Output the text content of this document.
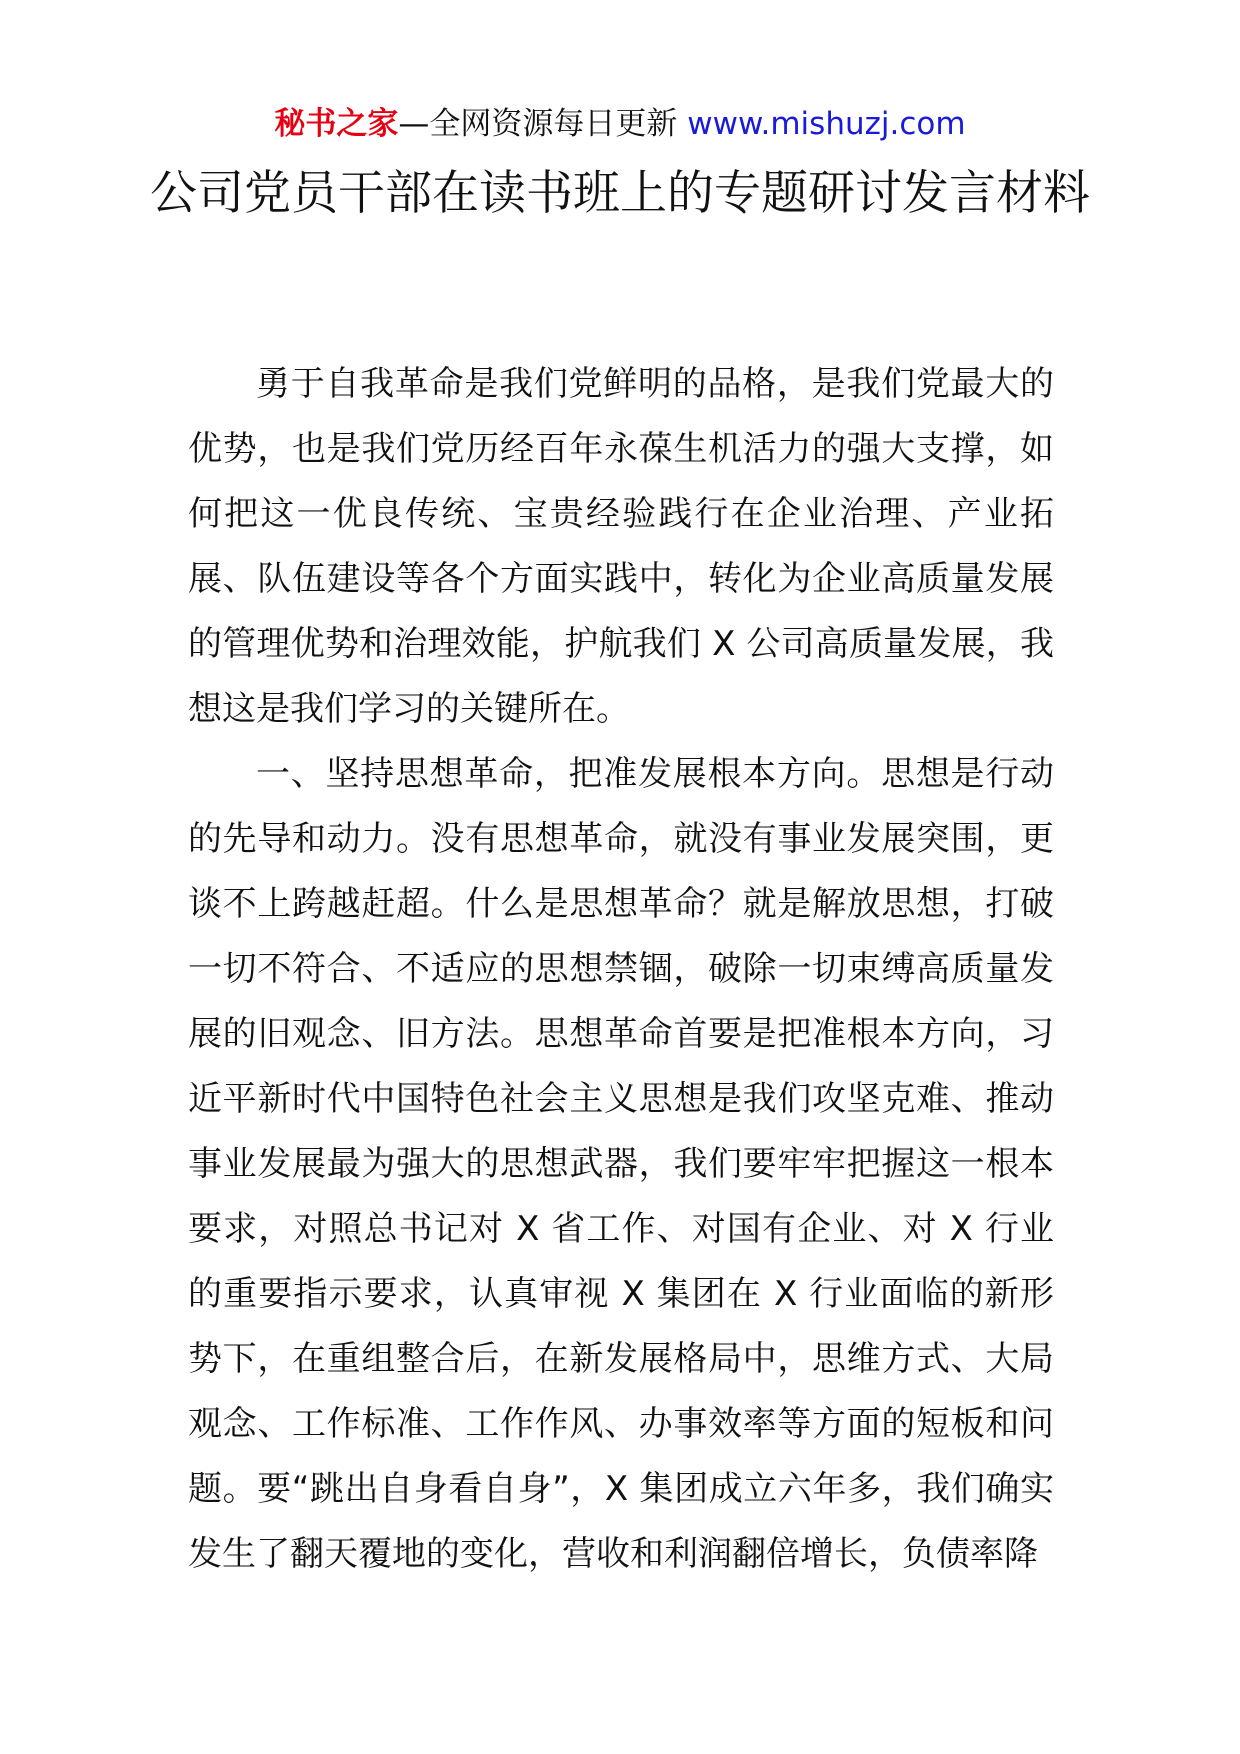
秘书之家—全网资源每日更新 www.mishuzj.com
公司党员干部在读书班上的专题研讨发言材料

勇于自我革命是我们党鲜明的品格，是我们党最大的优势，也是我们党历经百年永葆生机活力的强大支撑，如何把这一优良传统、宝贵经验践行在企业治理、产业拓展、队伍建设等各个方面实践中，转化为企业高质量发展的管理优势和治理效能，护航我们 X 公司高质量发展，我想这是我们学习的关键所在。

一、坚持思想革命，把准发展根本方向。思想是行动的先导和动力。没有思想革命，就没有事业发展突围，更谈不上跨越赶超。什么是思想革命？就是解放思想，打破一切不符合、不适应的思想禁锢，破除一切束缚高质量发展的旧观念、旧方法。思想革命首要是把准根本方向，习近平新时代中国特色社会主义思想是我们攻坚克难、推动事业发展最为强大的思想武器，我们要牢牢把握这一根本要求，对照总书记对 X 省工作、对国有企业、对 X 行业的重要指示要求，认真审视 X 集团在 X 行业面临的新形势下，在重组整合后，在新发展格局中，思维方式、大局观念、工作标准、工作作风、办事效率等方面的短板和问题。要“跳出自身看自身”，X 集团成立六年多，我们确实发生了翻天覆地的变化，营收和利润翻倍增长，负债率降
